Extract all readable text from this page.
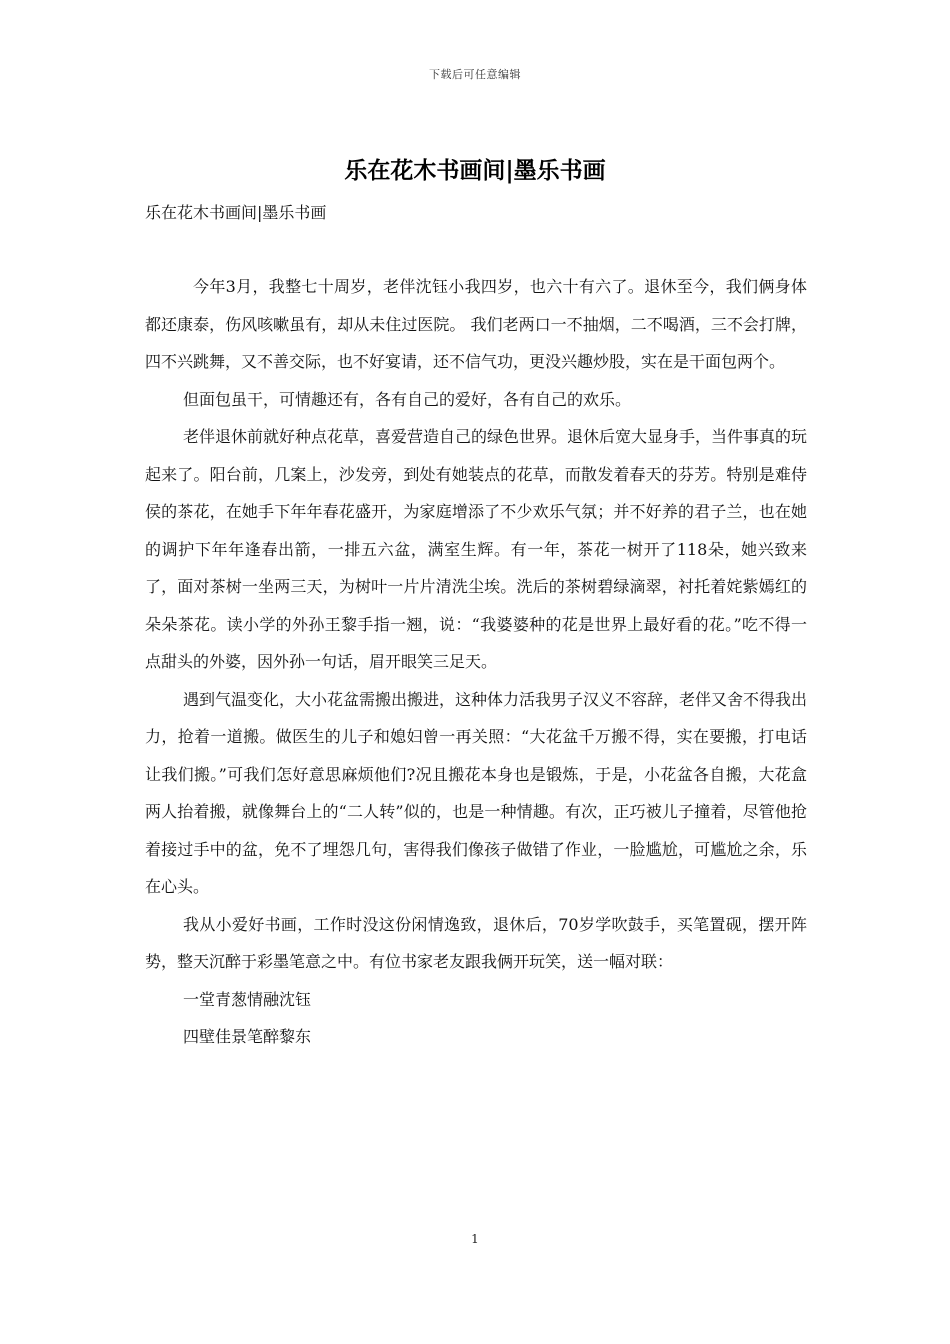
下载后可任意编辑
乐在花木书画间|墨乐书画
乐在花木书画间|墨乐书画

今年3月，我整七十周岁，老伴沈钰小我四岁，也六十有六了。退休至今，我们俩身体都还康泰，伤风咳嗽虽有，却从未住过医院。 我们老两口一不抽烟，二不喝酒，三不会打牌，四不兴跳舞，又不善交际，也不好宴请，还不信气功，更没兴趣炒股，实在是干面包两个。

但面包虽干，可情趣还有，各有自己的爱好，各有自己的欢乐。

老伴退休前就好种点花草，喜爱营造自己的绿色世界。退休后宽大显身手，当件事真的玩起来了。阳台前，几案上，沙发旁，到处有她装点的花草，而散发着春天的芬芳。特别是难侍侯的茶花，在她手下年年春花盛开，为家庭增添了不少欢乐气氛；并不好养的君子兰，也在她的调护下年年逢春出箭，一排五六盆，满室生辉。有一年，茶花一树开了118朵，她兴致来了，面对茶树一坐两三天，为树叶一片片清洗尘埃。洗后的茶树碧绿滴翠，衬托着姹紫嫣红的朵朵茶花。读小学的外孙王黎手指一翘，说：“我婆婆种的花是世界上最好看的花。”吃不得一点甜头的外婆，因外孙一句话，眉开眼笑三足天。

遇到气温变化，大小花盆需搬出搬进，这种体力活我男子汉义不容辞，老伴又舍不得我出力，抢着一道搬。做医生的儿子和媳妇曾一再关照：“大花盆千万搬不得，实在要搬，打电话让我们搬。”可我们怎好意思麻烦他们?况且搬花本身也是锻炼，于是，小花盆各自搬，大花盒两人抬着搬，就像舞台上的“二人转”似的，也是一种情趣。有次，正巧被儿子撞着，尽管他抢着接过手中的盆，免不了埋怨几句，害得我们像孩子做错了作业，一脸尴尬，可尴尬之余，乐在心头。

我从小爱好书画，工作时没这份闲情逸致，退休后，70岁学吹鼓手，买笔置砚，摆开阵势，整天沉醉于彩墨笔意之中。有位书家老友跟我俩开玩笑，送一幅对联：

一堂青葱情融沈钰

四壁佳景笔醉黎东

1
